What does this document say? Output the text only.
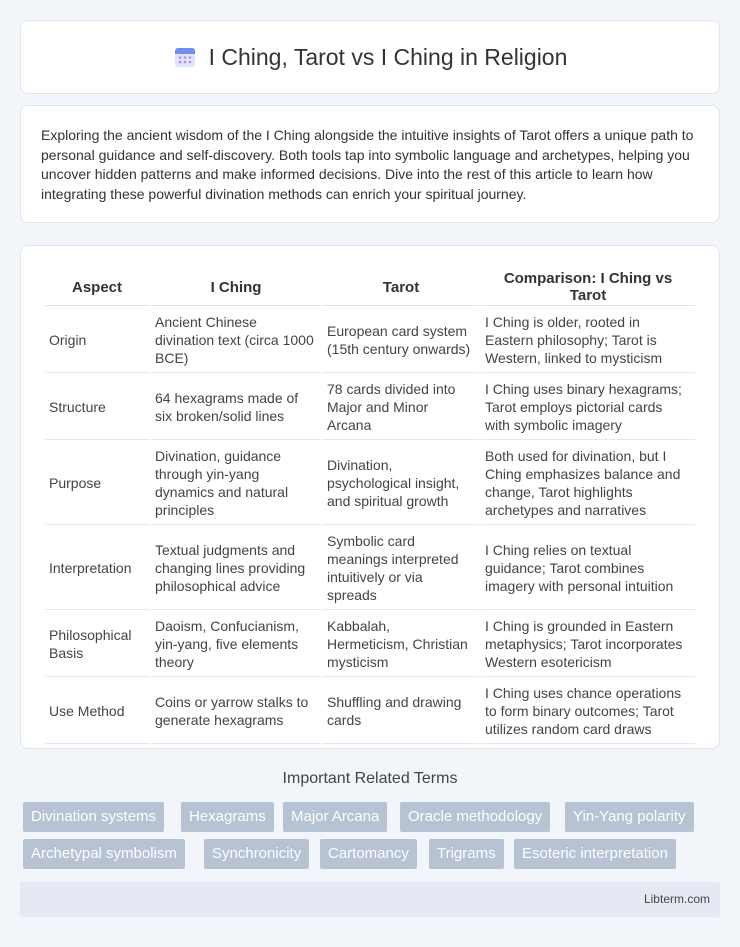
I Ching, Tarot vs I Ching in Religion

Exploring the ancient wisdom of the I Ching alongside the intuitive insights of Tarot offers a unique path to personal guidance and self-discovery. Both tools tap into symbolic language and archetypes, helping you uncover hidden patterns and make informed decisions. Dive into the rest of this article to learn how integrating these powerful divination methods can enrich your spiritual journey.

Aspect	I Ching	Tarot	Comparison: I Ching vs Tarot
Origin	Ancient Chinese divination text (circa 1000 BCE)	European card system (15th century onwards)	I Ching is older, rooted in Eastern philosophy; Tarot is Western, linked to mysticism
Structure	64 hexagrams made of six broken/solid lines	78 cards divided into Major and Minor Arcana	I Ching uses binary hexagrams; Tarot employs pictorial cards with symbolic imagery
Purpose	Divination, guidance through yin-yang dynamics and natural principles	Divination, psychological insight, and spiritual growth	Both used for divination, but I Ching emphasizes balance and change, Tarot highlights archetypes and narratives
Interpretation	Textual judgments and changing lines providing philosophical advice	Symbolic card meanings interpreted intuitively or via spreads	I Ching relies on textual guidance; Tarot combines imagery with personal intuition
Philosophical Basis	Daoism, Confucianism, yin-yang, five elements theory	Kabbalah, Hermeticism, Christian mysticism	I Ching is grounded in Eastern metaphysics; Tarot incorporates Western esotericism
Use Method	Coins or yarrow stalks to generate hexagrams	Shuffling and drawing cards	I Ching uses chance operations to form binary outcomes; Tarot utilizes random card draws
Important Related Terms
Divination systems	Hexagrams	Major Arcana	Oracle methodology	Yin-Yang polarity
Archetypal symbolism	Synchronicity	Cartomancy	Trigrams	Esoteric interpretation
Libterm.com
